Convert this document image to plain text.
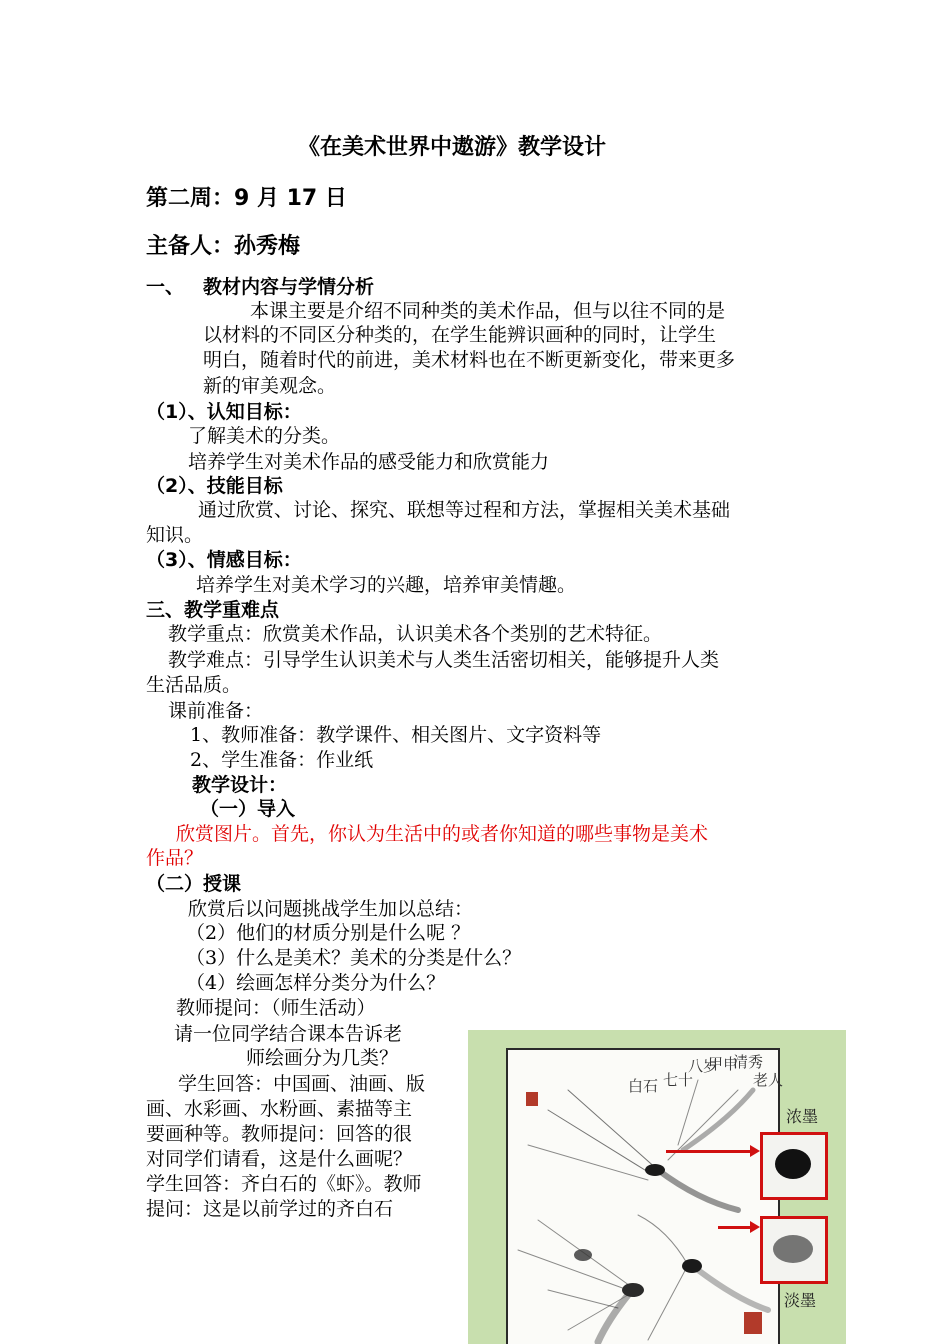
《在美术世界中遨游》教学设计
第二周：9 月 17 日
主备人：孙秀梅
一、 教材内容与学情分析
本课主要是介绍不同种类的美术作品，但与以往不同的是
以材料的不同区分种类的，在学生能辨识画种的同时，让学生
明白，随着时代的前进，美术材料也在不断更新变化，带来更多
新的审美观念。
（1）、认知目标：
了解美术的分类。
培养学生对美术作品的感受能力和欣赏能力
（2）、技能目标
通过欣赏、讨论、探究、联想等过程和方法，掌握相关美术基础
知识。
（3）、情感目标：
培养学生对美术学习的兴趣，培养审美情趣。
三、教学重难点
教学重点：欣赏美术作品，认识美术各个类别的艺术特征。
教学难点：引导学生认识美术与人类生活密切相关，能够提升人类
生活品质。
课前准备：
1、教师准备：教学课件、相关图片、文字资料等
2、学生准备：作业纸
教学设计：
（一）导入
欣赏图片。首先，你认为生活中的或者你知道的哪些事物是美术
作品？
（二）授课
欣赏后以问题挑战学生加以总结：
（2）他们的材质分别是什么呢 ？
（3）什么是美术？美术的分类是什么？
（4）绘画怎样分类分为什么？
教师提问：（师生活动）
请一位同学结合课本告诉老
师绘画分为几类？
学生回答：中国画、油画、版
画、水彩画、水粉画、素描等主
要画种等。教师提问：回答的很
对同学们请看，这是什么画呢？
学生回答：齐白石的《虾》。教师
提问：这是以前学过的齐白石
甲申
八岁 清秀
七十
白石	老人
浓墨
淡墨
